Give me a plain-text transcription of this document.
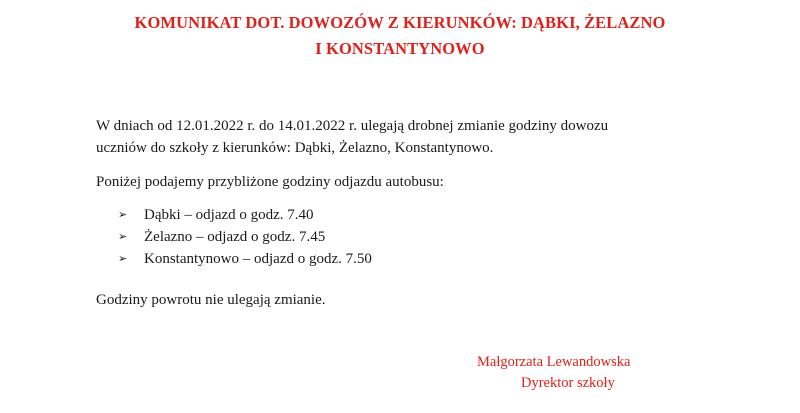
KOMUNIKAT DOT. DOWOZÓW Z KIERUNKÓW: DĄBKI, ŻELAZNO
I KONSTANTYNOWO
W dniach od 12.01.2022 r. do 14.01.2022 r. ulegają drobnej zmianie godziny dowozu
uczniów do szkoły z kierunków: Dąbki, Żelazno, Konstantynowo.
Poniżej podajemy przybliżone godziny odjazdu autobusu:
➢	Dąbki – odjazd o godz. 7.40
➢	Żelazno – odjazd o godz. 7.45
➢	Konstantynowo – odjazd o godz. 7.50
Godziny powrotu nie ulegają zmianie.
Małgorzata Lewandowska
Dyrektor szkoły
